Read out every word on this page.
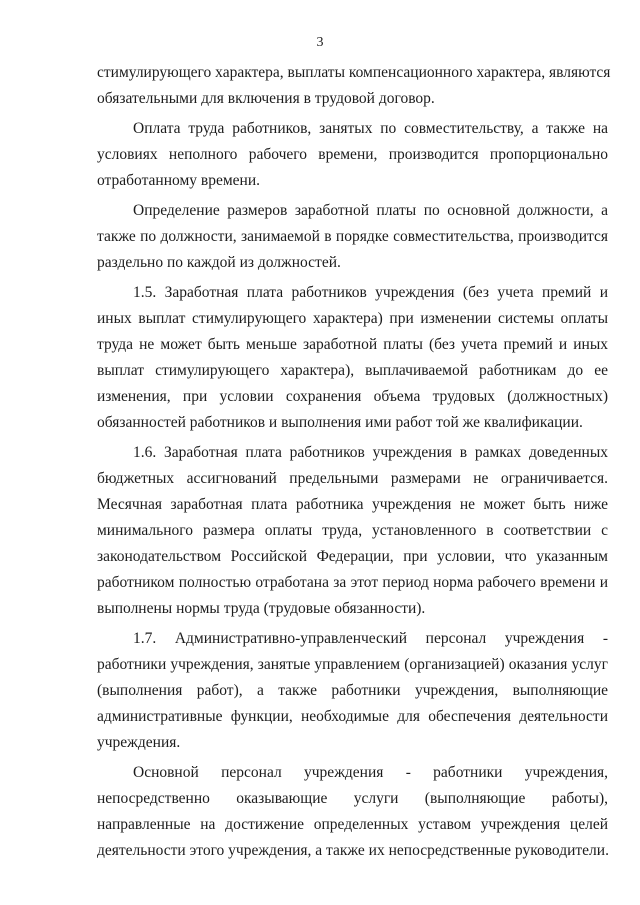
3
стимулирующего характера, выплаты компенсационного характера, являются
обязательными для включения в трудовой договор.
Оплата труда работников, занятых по совместительству, а также на
условиях неполного рабочего времени, производится пропорционально
отработанному времени.
Определение размеров заработной платы по основной должности, а
также по должности, занимаемой в порядке совместительства, производится
раздельно по каждой из должностей.
1.5. Заработная плата работников учреждения (без учета премий и
иных выплат стимулирующего характера) при изменении системы оплаты
труда не может быть меньше заработной платы (без учета премий и иных
выплат стимулирующего характера), выплачиваемой работникам до ее
изменения, при условии сохранения объема трудовых (должностных)
обязанностей работников и выполнения ими работ той же квалификации.
1.6. Заработная плата работников учреждения в рамках доведенных
бюджетных ассигнований предельными размерами не ограничивается.
Месячная заработная плата работника учреждения не может быть ниже
минимального размера оплаты труда, установленного в соответствии с
законодательством Российской Федерации, при условии, что указанным
работником полностью отработана за этот период норма рабочего времени и
выполнены нормы труда (трудовые обязанности).
1.7. Административно-управленческий персонал учреждения -
работники учреждения, занятые управлением (организацией) оказания услуг
(выполнения работ), а также работники учреждения, выполняющие
административные функции, необходимые для обеспечения деятельности
учреждения.
Основной персонал учреждения - работники учреждения,
непосредственно оказывающие услуги (выполняющие работы),
направленные на достижение определенных уставом учреждения целей
деятельности этого учреждения, а также их непосредственные руководители.
